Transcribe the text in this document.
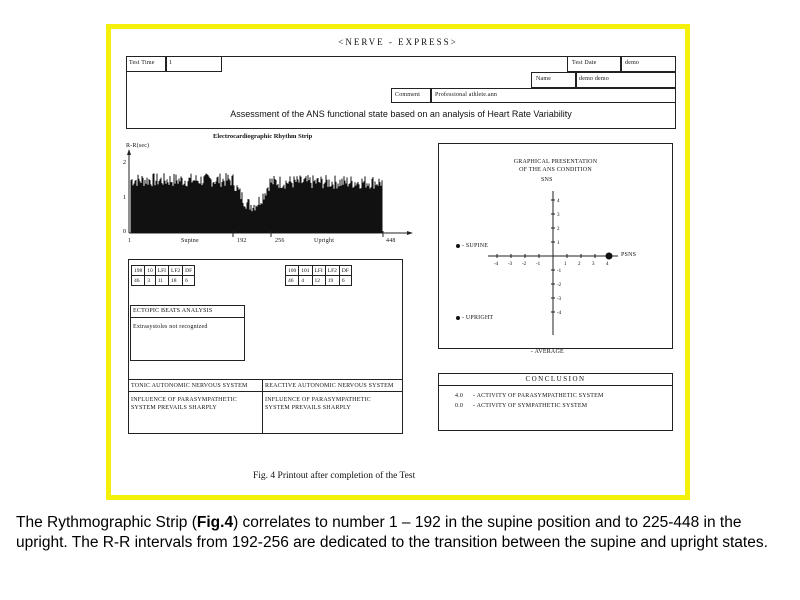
<NERVE - EXPRESS>
Test Time 1	Test Date	demo
Name	demo demo
Comment Professional athlete.ann
Assessment of the ANS functional state based on an analysis of Heart Rate Variability
Electrocardiographic Rhythm Strip
R-R(sec)
2
1
0	heart beats
1	Supine	192	256	Upright	448
198	10	LFI	LF2	DF
46	3	11	18	6
100	101	LFI	LF2	DF
46	4	12	19	6
ECTOPIC BEATS ANALYSIS
Extrasystoles not recognized
TONIC AUTONOMIC NERVOUS SYSTEM
INFLUENCE OF PARASYMPATHETIC
SYSTEM PREVAILS SHARPLY
REACTIVE AUTONOMIC NERVOUS SYSTEM
INFLUENCE OF PARASYMPATHETIC
SYSTEM PREVAILS SHARPLY
GRAPHICAL PRESENTATION
OF THE ANS CONDITION
SNS
PSNS
-4 -3 -2 -1	1 2 3 4
4
3
2
1
-1
-2
-3
-4
- SUPINE
- UPRIGHT
- AVERAGE
CONCLUSION
4.0 - ACTIVITY OF PARASYMPATHETIC SYSTEM
0.0 - ACTIVITY OF SYMPATHETIC SYSTEM
Fig. 4 Printout after completion of the Test
The Rythmographic Strip (Fig.4) correlates to number 1 – 192 in the supine position and to 225-448 in the upright. The R-R intervals from 192-256 are dedicated to the transition between the supine and upright states.
